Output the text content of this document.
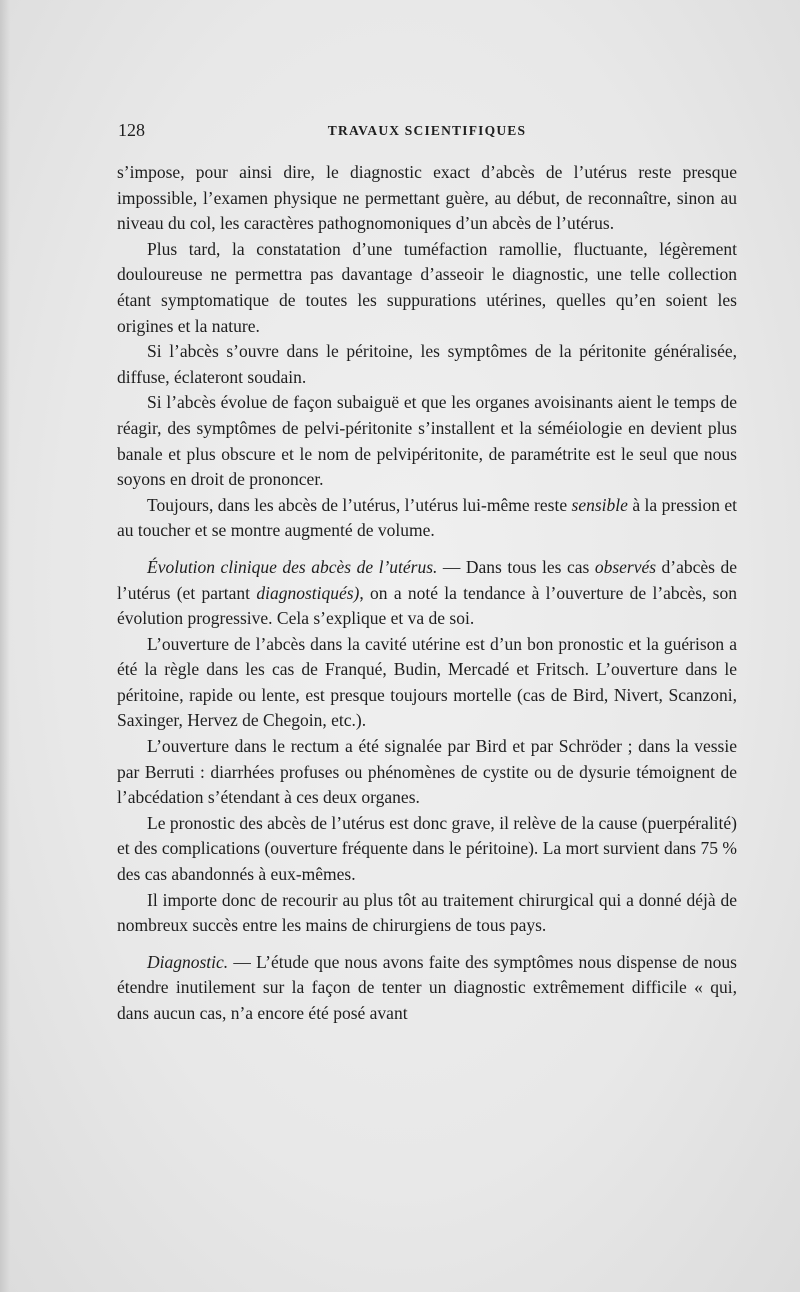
128	TRAVAUX SCIENTIFIQUES

s’impose, pour ainsi dire, le diagnostic exact d’abcès de l’utérus reste presque impossible, l’examen physique ne permettant guère, au début, de reconnaître, sinon au niveau du col, les caractères pathognomoniques d’un abcès de l’utérus.

Plus tard, la constatation d’une tuméfaction ramollie, fluctuante, légèrement douloureuse ne permettra pas davantage d’asseoir le diagnostic, une telle collection étant symptomatique de toutes les suppurations utérines, quelles qu’en soient les origines et la nature.

Si l’abcès s’ouvre dans le péritoine, les symptômes de la péritonite généralisée, diffuse, éclateront soudain.

Si l’abcès évolue de façon subaiguë et que les organes avoisinants aient le temps de réagir, des symptômes de pelvi-péritonite s’installent et la séméiologie en devient plus banale et plus obscure et le nom de pelvipéritonite, de paramétrite est le seul que nous soyons en droit de prononcer.

Toujours, dans les abcès de l’utérus, l’utérus lui-même reste sensible à la pression et au toucher et se montre augmenté de volume.

Évolution clinique des abcès de l’utérus. — Dans tous les cas observés d’abcès de l’utérus (et partant diagnostiqués), on a noté la tendance à l’ouverture de l’abcès, son évolution progressive. Cela s’explique et va de soi.

L’ouverture de l’abcès dans la cavité utérine est d’un bon pronostic et la guérison a été la règle dans les cas de Franqué, Budin, Mercadé et Fritsch. L’ouverture dans le péritoine, rapide ou lente, est presque toujours mortelle (cas de Bird, Nivert, Scanzoni, Saxinger, Hervez de Chegoin, etc.).

L’ouverture dans le rectum a été signalée par Bird et par Schröder ; dans la vessie par Berruti : diarrhées profuses ou phénomènes de cystite ou de dysurie témoignent de l’abcédation s’étendant à ces deux organes.

Le pronostic des abcès de l’utérus est donc grave, il relève de la cause (puerpéralité) et des complications (ouverture fréquente dans le péritoine). La mort survient dans 75 % des cas abandonnés à eux-mêmes.

Il importe donc de recourir au plus tôt au traitement chirurgical qui a donné déjà de nombreux succès entre les mains de chirurgiens de tous pays.

Diagnostic. — L’étude que nous avons faite des symptômes nous dispense de nous étendre inutilement sur la façon de tenter un diagnostic extrêmement difficile « qui, dans aucun cas, n’a encore été posé avant
